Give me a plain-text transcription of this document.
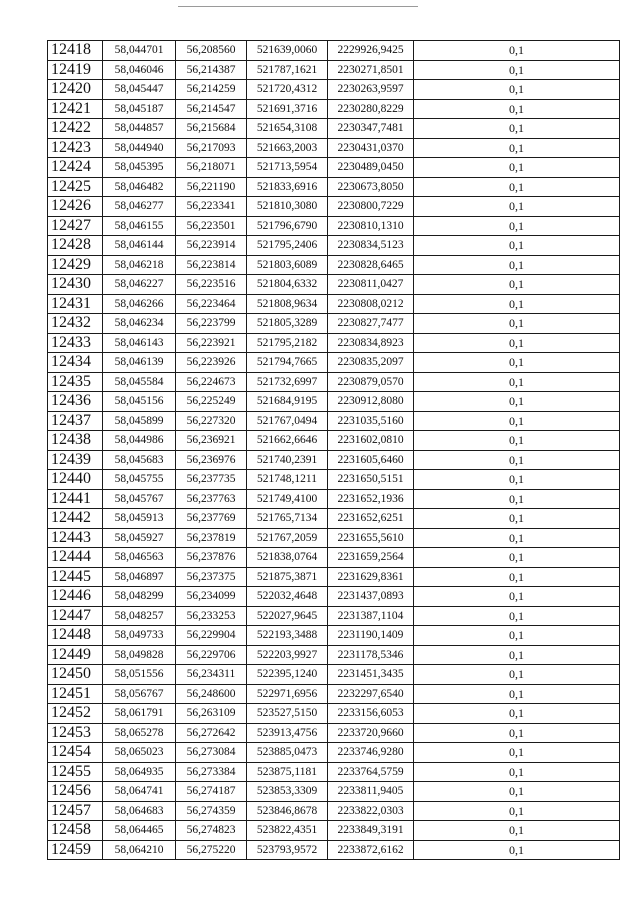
12418	58,044701	56,208560	521639,0060	2229926,9425	0,1
12419	58,046046	56,214387	521787,1621	2230271,8501	0,1
12420	58,045447	56,214259	521720,4312	2230263,9597	0,1
12421	58,045187	56,214547	521691,3716	2230280,8229	0,1
12422	58,044857	56,215684	521654,3108	2230347,7481	0,1
12423	58,044940	56,217093	521663,2003	2230431,0370	0,1
12424	58,045395	56,218071	521713,5954	2230489,0450	0,1
12425	58,046482	56,221190	521833,6916	2230673,8050	0,1
12426	58,046277	56,223341	521810,3080	2230800,7229	0,1
12427	58,046155	56,223501	521796,6790	2230810,1310	0,1
12428	58,046144	56,223914	521795,2406	2230834,5123	0,1
12429	58,046218	56,223814	521803,6089	2230828,6465	0,1
12430	58,046227	56,223516	521804,6332	2230811,0427	0,1
12431	58,046266	56,223464	521808,9634	2230808,0212	0,1
12432	58,046234	56,223799	521805,3289	2230827,7477	0,1
12433	58,046143	56,223921	521795,2182	2230834,8923	0,1
12434	58,046139	56,223926	521794,7665	2230835,2097	0,1
12435	58,045584	56,224673	521732,6997	2230879,0570	0,1
12436	58,045156	56,225249	521684,9195	2230912,8080	0,1
12437	58,045899	56,227320	521767,0494	2231035,5160	0,1
12438	58,044986	56,236921	521662,6646	2231602,0810	0,1
12439	58,045683	56,236976	521740,2391	2231605,6460	0,1
12440	58,045755	56,237735	521748,1211	2231650,5151	0,1
12441	58,045767	56,237763	521749,4100	2231652,1936	0,1
12442	58,045913	56,237769	521765,7134	2231652,6251	0,1
12443	58,045927	56,237819	521767,2059	2231655,5610	0,1
12444	58,046563	56,237876	521838,0764	2231659,2564	0,1
12445	58,046897	56,237375	521875,3871	2231629,8361	0,1
12446	58,048299	56,234099	522032,4648	2231437,0893	0,1
12447	58,048257	56,233253	522027,9645	2231387,1104	0,1
12448	58,049733	56,229904	522193,3488	2231190,1409	0,1
12449	58,049828	56,229706	522203,9927	2231178,5346	0,1
12450	58,051556	56,234311	522395,1240	2231451,3435	0,1
12451	58,056767	56,248600	522971,6956	2232297,6540	0,1
12452	58,061791	56,263109	523527,5150	2233156,6053	0,1
12453	58,065278	56,272642	523913,4756	2233720,9660	0,1
12454	58,065023	56,273084	523885,0473	2233746,9280	0,1
12455	58,064935	56,273384	523875,1181	2233764,5759	0,1
12456	58,064741	56,274187	523853,3309	2233811,9405	0,1
12457	58,064683	56,274359	523846,8678	2233822,0303	0,1
12458	58,064465	56,274823	523822,4351	2233849,3191	0,1
12459	58,064210	56,275220	523793,9572	2233872,6162	0,1
